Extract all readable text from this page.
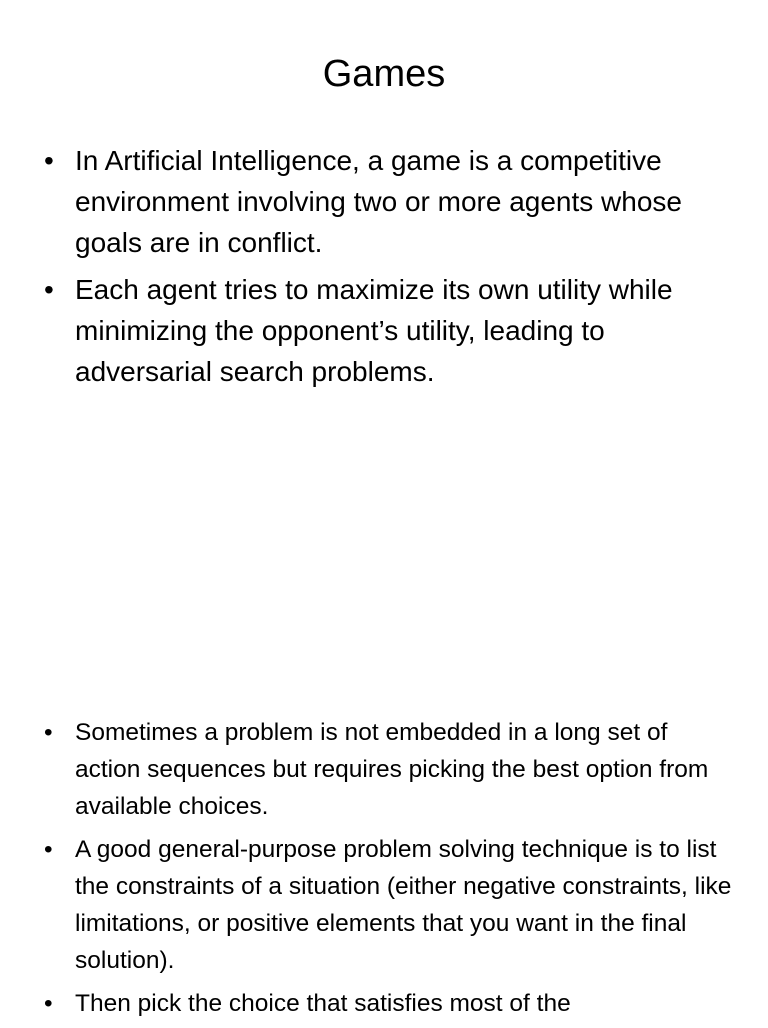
Games
• In Artificial Intelligence, a game is a competitive environment involving two or more agents whose goals are in conflict.
• Each agent tries to maximize its own utility while minimizing the opponent’s utility, leading to adversarial search problems.
• Sometimes a problem is not embedded in a long set of action sequences but requires picking the best option from available choices.
• A good general-purpose problem solving technique is to list the constraints of a situation (either negative constraints, like limitations, or positive elements that you want in the final solution).
• Then pick the choice that satisfies most of the
